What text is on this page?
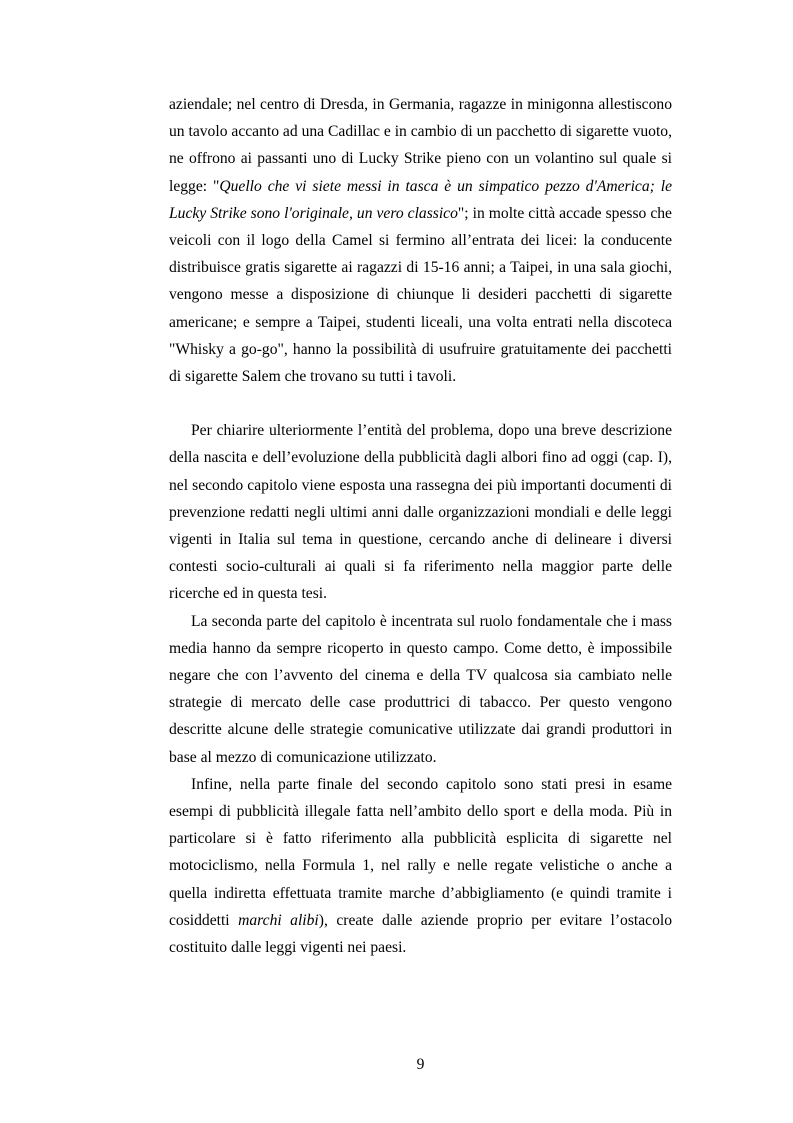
aziendale; nel centro di Dresda, in Germania, ragazze in minigonna allestiscono un tavolo accanto ad una Cadillac e in cambio di un pacchetto di sigarette vuoto, ne offrono ai passanti uno di Lucky Strike pieno con un volantino sul quale si legge: "Quello che vi siete messi in tasca è un simpatico pezzo d'America; le Lucky Strike sono l'originale, un vero classico"; in molte città accade spesso che veicoli con il logo della Camel si fermino all’entrata dei licei: la conducente distribuisce gratis sigarette ai ragazzi di 15-16 anni; a Taipei, in una sala giochi, vengono messe a disposizione di chiunque li desideri pacchetti di sigarette americane; e sempre a Taipei, studenti liceali, una volta entrati nella discoteca "Whisky a go-go", hanno la possibilità di usufruire gratuitamente dei pacchetti di sigarette Salem che trovano su tutti i tavoli.

Per chiarire ulteriormente l’entità del problema, dopo una breve descrizione della nascita e dell’evoluzione della pubblicità dagli albori fino ad oggi (cap. I), nel secondo capitolo viene esposta una rassegna dei più importanti documenti di prevenzione redatti negli ultimi anni dalle organizzazioni mondiali e delle leggi vigenti in Italia sul tema in questione, cercando anche di delineare i diversi contesti socio-culturali ai quali si fa riferimento nella maggior parte delle ricerche ed in questa tesi.

La seconda parte del capitolo è incentrata sul ruolo fondamentale che i mass media hanno da sempre ricoperto in questo campo. Come detto, è impossibile negare che con l’avvento del cinema e della TV qualcosa sia cambiato nelle strategie di mercato delle case produttrici di tabacco. Per questo vengono descritte alcune delle strategie comunicative utilizzate dai grandi produttori in base al mezzo di comunicazione utilizzato.

Infine, nella parte finale del secondo capitolo sono stati presi in esame esempi di pubblicità illegale fatta nell’ambito dello sport e della moda. Più in particolare si è fatto riferimento alla pubblicità esplicita di sigarette nel motociclismo, nella Formula 1, nel rally e nelle regate velistiche o anche a quella indiretta effettuata tramite marche d’abbigliamento (e quindi tramite i cosiddetti marchi alibi), create dalle aziende proprio per evitare l’ostacolo costituito dalle leggi vigenti nei paesi.

9
